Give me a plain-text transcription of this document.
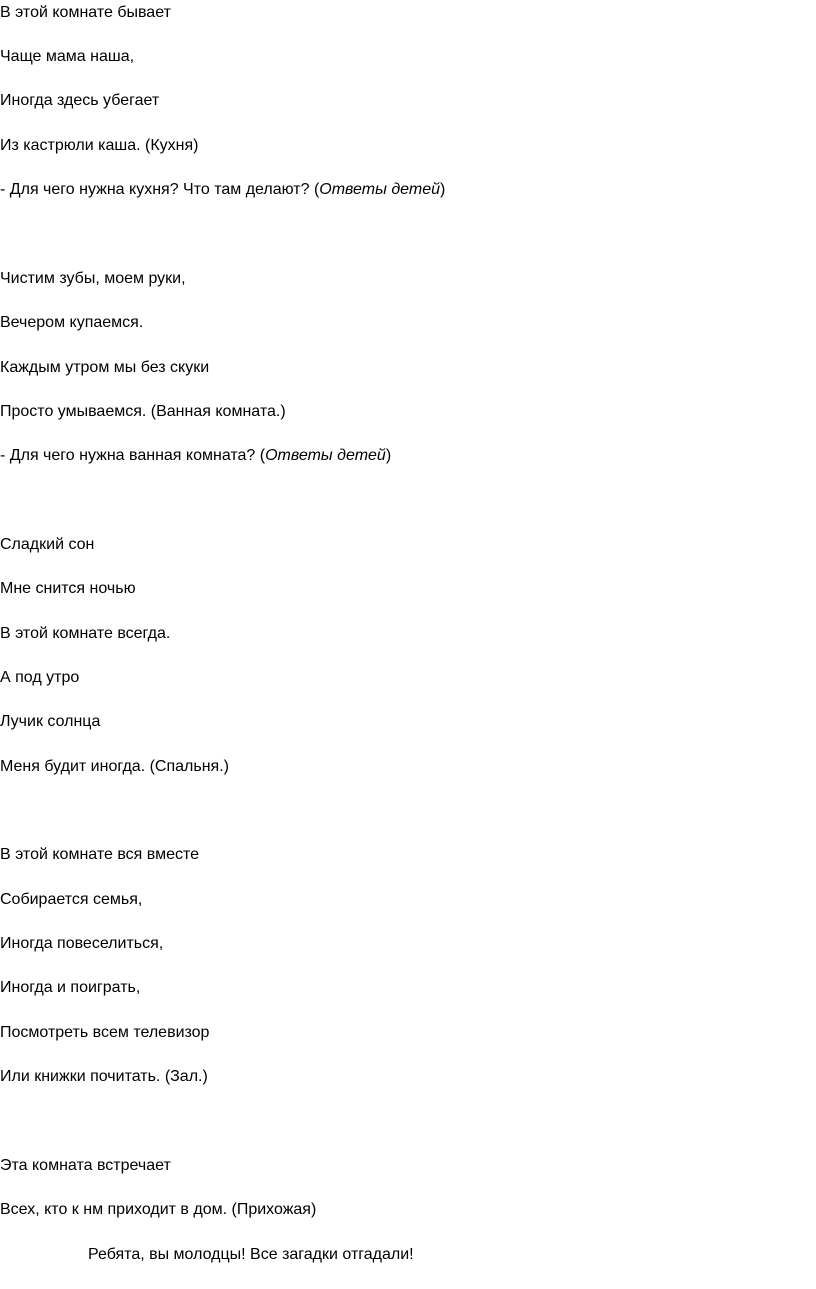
В этой комнате бывает
Чаще мама наша,
Иногда здесь убегает
Из кастрюли каша. (Кухня)
- Для чего нужна кухня? Что там делают? (Ответы детей)
Чистим зубы, моем руки,
Вечером купаемся.
Каждым утром мы без скуки
Просто умываемся. (Ванная комната.)
- Для чего нужна ванная комната? (Ответы детей)
Сладкий сон
Мне снится ночью
В этой комнате всегда.
А под утро
Лучик солнца
Меня будит иногда. (Спальня.)
В этой комнате вся вместе
Собирается семья,
Иногда повеселиться,
Иногда и поиграть,
Посмотреть всем телевизор
Или книжки почитать. (Зал.)
Эта комната встречает
Всех, кто к нм приходит в дом. (Прихожая)
Ребята, вы молодцы! Все загадки отгадали!
